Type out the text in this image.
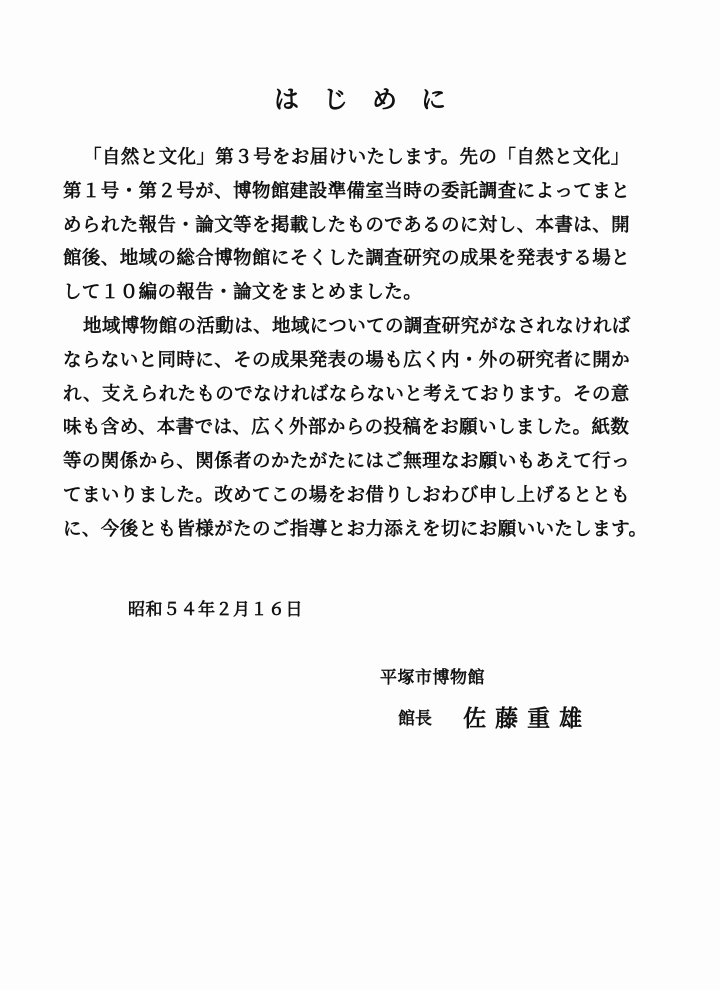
はじめに
「自然と文化」第３号をお届けいたします。先の「自然と文化」
第１号・第２号が、博物館建設準備室当時の委託調査によってまと
められた報告・論文等を掲載したものであるのに対し、本書は、開
館後、地域の総合博物館にそくした調査研究の成果を発表する場と
して１０編の報告・論文をまとめました。
地域博物館の活動は、地域についての調査研究がなされなければ
ならないと同時に、その成果発表の場も広く内・外の研究者に開か
れ、支えられたものでなければならないと考えております。その意
味も含め、本書では、広く外部からの投稿をお願いしました。紙数
等の関係から、関係者のかたがたにはご無理なお願いもあえて行っ
てまいりました。改めてこの場をお借りしおわび申し上げるととも
に、今後とも皆様がたのご指導とお力添えを切にお願いいたします。
昭和５４年２月１６日
平塚市博物館
館長 佐藤重雄
